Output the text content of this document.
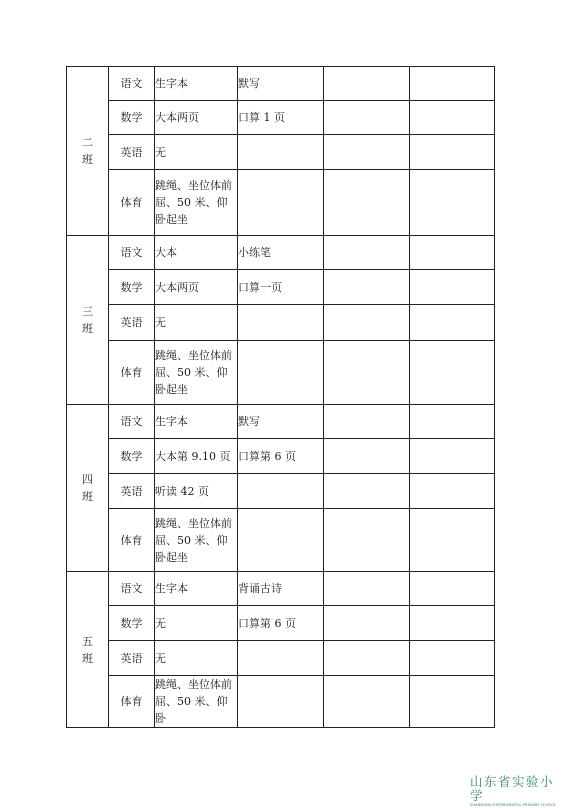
二
班	语文	生字本	默写		
	数学	大本两页	口算 1 页		
	英语	无			
	体育	跳绳、坐位体前屈、50 米、仰卧起坐			

三
班	语文	大本	小练笔		
	数学	大本两页	口算一页		
	英语	无			
	体育	跳绳、坐位体前屈、50 米、仰卧起坐			

四
班	语文	生字本	默写		
	数学	大本第 9.10 页	口算第 6 页		
	英语	听读 42 页			
	体育	跳绳、坐位体前屈、50 米、仰卧起坐			

五
班	语文	生字本	背诵古诗		
	数学	无	口算第 6 页		
	英语	无			
	体育	跳绳、坐位体前屈、50 米、仰卧			
山东省实验小学
SHANDONG EXPERIMENTAL PRIMARY SCHOOL
